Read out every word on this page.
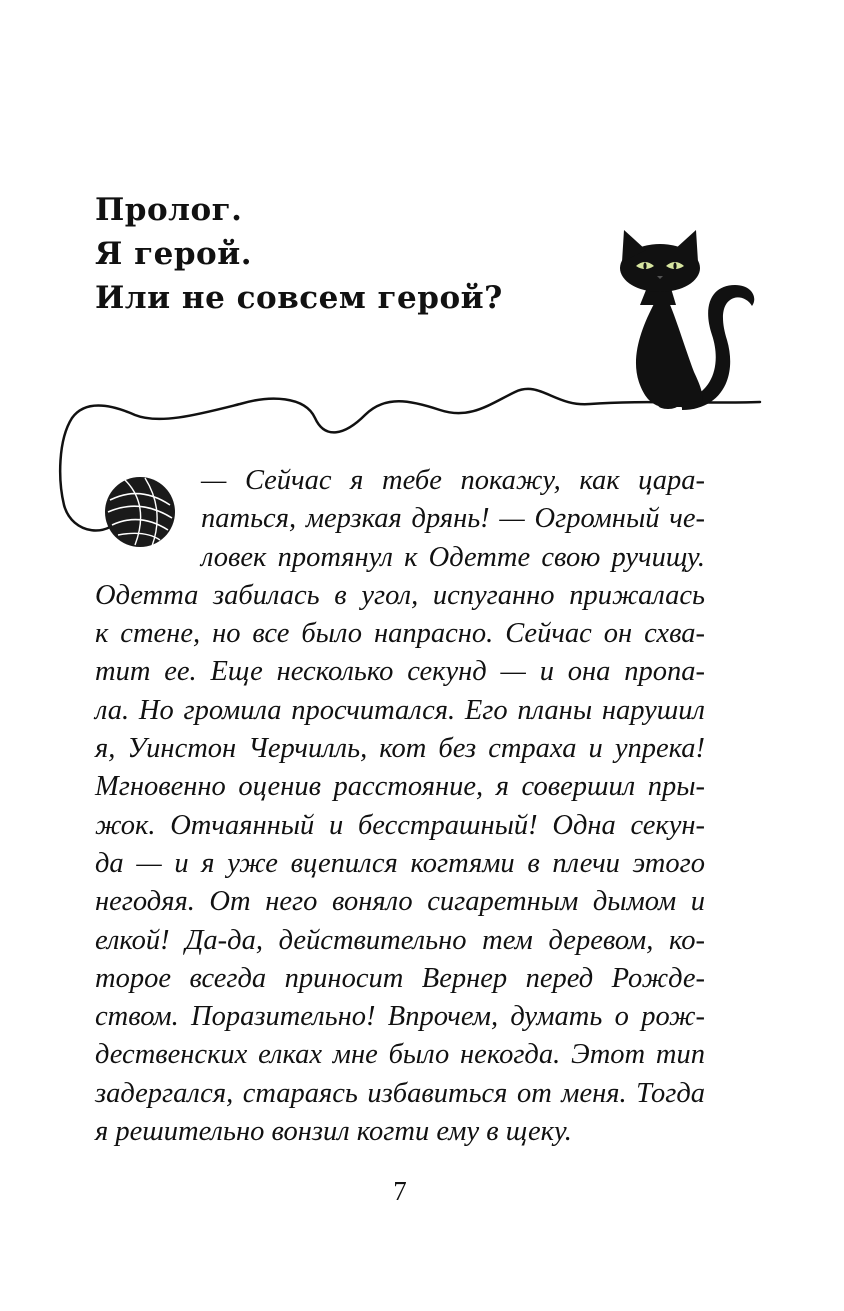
Пролог.
Я герой.
Или не совсем герой?
— Сейчас я тебе покажу, как цара-
паться, мерзкая дрянь! — Огромный че-
ловек протянул к Одетте свою ручищу.
Одетта забилась в угол, испуганно прижалась
к стене, но все было напрасно. Сейчас он схва-
тит ее. Еще несколько секунд — и она пропа-
ла. Но громила просчитался. Его планы нарушил
я, Уинстон Черчилль, кот без страха и упрека!
Мгновенно оценив расстояние, я совершил пры-
жок. Отчаянный и бесстрашный! Одна секун-
да — и я уже вцепился когтями в плечи этого
негодяя. От него воняло сигаретным дымом и
елкой! Да-да, действительно тем деревом, ко-
торое всегда приносит Вернер перед Рожде-
ством. Поразительно! Впрочем, думать о рож-
дественских елках мне было некогда. Этот тип
задергался, стараясь избавиться от меня. Тогда
я решительно вонзил когти ему в щеку.
7
